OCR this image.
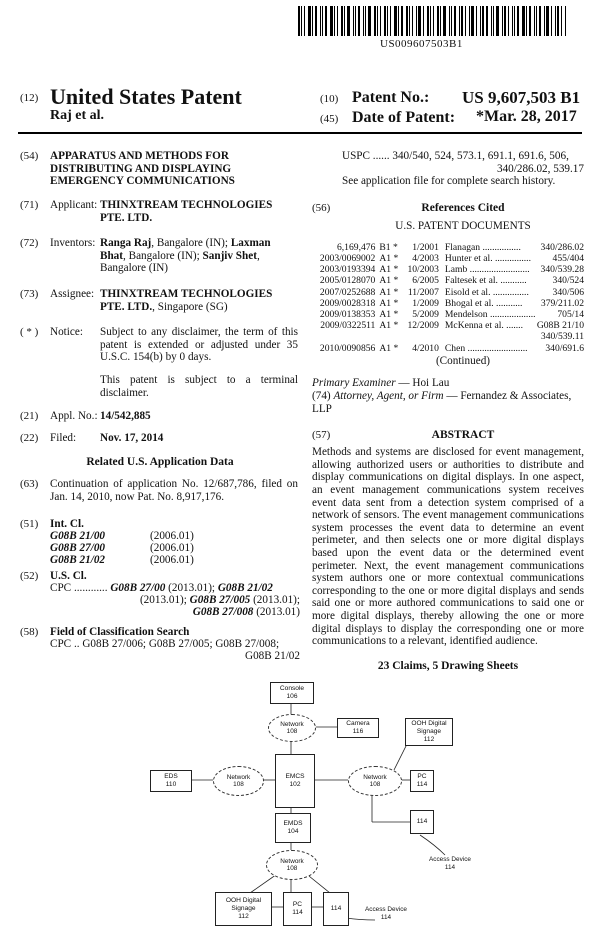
US009607503B1
(12) United States Patent
Raj et al.
(10) Patent No.: US 9,607,503 B1
(45) Date of Patent: *Mar. 28, 2017
(54) APPARATUS AND METHODS FOR DISTRIBUTING AND DISPLAYING EMERGENCY COMMUNICATIONS
(71) Applicant: THINXTREAM TECHNOLOGIES PTE. LTD.
(72) Inventors: Ranga Raj, Bangalore (IN); Laxman Bhat, Bangalore (IN); Sanjiv Shet, Bangalore (IN)
(73) Assignee: THINXTREAM TECHNOLOGIES PTE. LTD., Singapore (SG)
( * ) Notice: Subject to any disclaimer, the term of this patent is extended or adjusted under 35 U.S.C. 154(b) by 0 days.
This patent is subject to a terminal disclaimer.
(21) Appl. No.: 14/542,885
(22) Filed: Nov. 17, 2014
Related U.S. Application Data
(63) Continuation of application No. 12/687,786, filed on Jan. 14, 2010, now Pat. No. 8,917,176.
(51) Int. Cl.
G08B 21/00	(2006.01)
G08B 27/00	(2006.01)
G08B 21/02	(2006.01)
(52) U.S. Cl.
CPC ............ G08B 27/00 (2013.01); G08B 21/02
(2013.01); G08B 27/005 (2013.01);
G08B 27/008 (2013.01)
(58) Field of Classification Search
CPC .. G08B 27/006; G08B 27/005; G08B 27/008;
G08B 21/02
USPC ...... 340/540, 524, 573.1, 691.1, 691.6, 506,
340/286.02, 539.17
See application file for complete search history.
(56)	References Cited
U.S. PATENT DOCUMENTS
6,169,476	B1 *	1/2001	Flanagan ................	340/286.02
2003/0069002	A1 *	4/2003	Hunter et al. ...............	455/404
2003/0193394	A1 *	10/2003	Lamb .........................	340/539.28
2005/0128070	A1 *	6/2005	Faltesek et al. ...........	340/524
2007/0252688	A1 *	11/2007	Eisold et al. ...............	340/506
2009/0028318	A1 *	1/2009	Bhogal et al. ...........	379/211.02
2009/0138353	A1 *	5/2009	Mendelson ...................	705/14
2009/0322511	A1 *	12/2009	McKenna et al. .......	G08B 21/10
				340/539.11
2010/0090856	A1 *	4/2010	Chen .........................	340/691.6
(Continued)
Primary Examiner — Hoi Lau
(74) Attorney, Agent, or Firm — Fernandez & Associates, LLP
(57)	ABSTRACT
Methods and systems are disclosed for event management, allowing authorized users or authorities to distribute and display communications on digital displays. In one aspect, an event management communications system receives event data sent from a detection system comprised of a network of sensors. The event management communications system processes the event data to determine an event perimeter, and then selects one or more digital displays based upon the event data or the determined event perimeter. Next, the event management communications system authors one or more contextual communications corresponding to the one or more digital displays and sends said one or more authored communications to said one or more digital displays, thereby allowing the one or more digital displays to display the corresponding one or more communications to a relevant, identified audience.
23 Claims, 5 Drawing Sheets
Console
106
Network
108
Camera
116
OOH Digital
Signage
112
EDS
110
Network
108
EMCS
102
Network
108
PC
114
114
Access Device
114
EMDS
104
Network
108
OOH Digital
Signage
112
PC
114
114	Access Device
114
